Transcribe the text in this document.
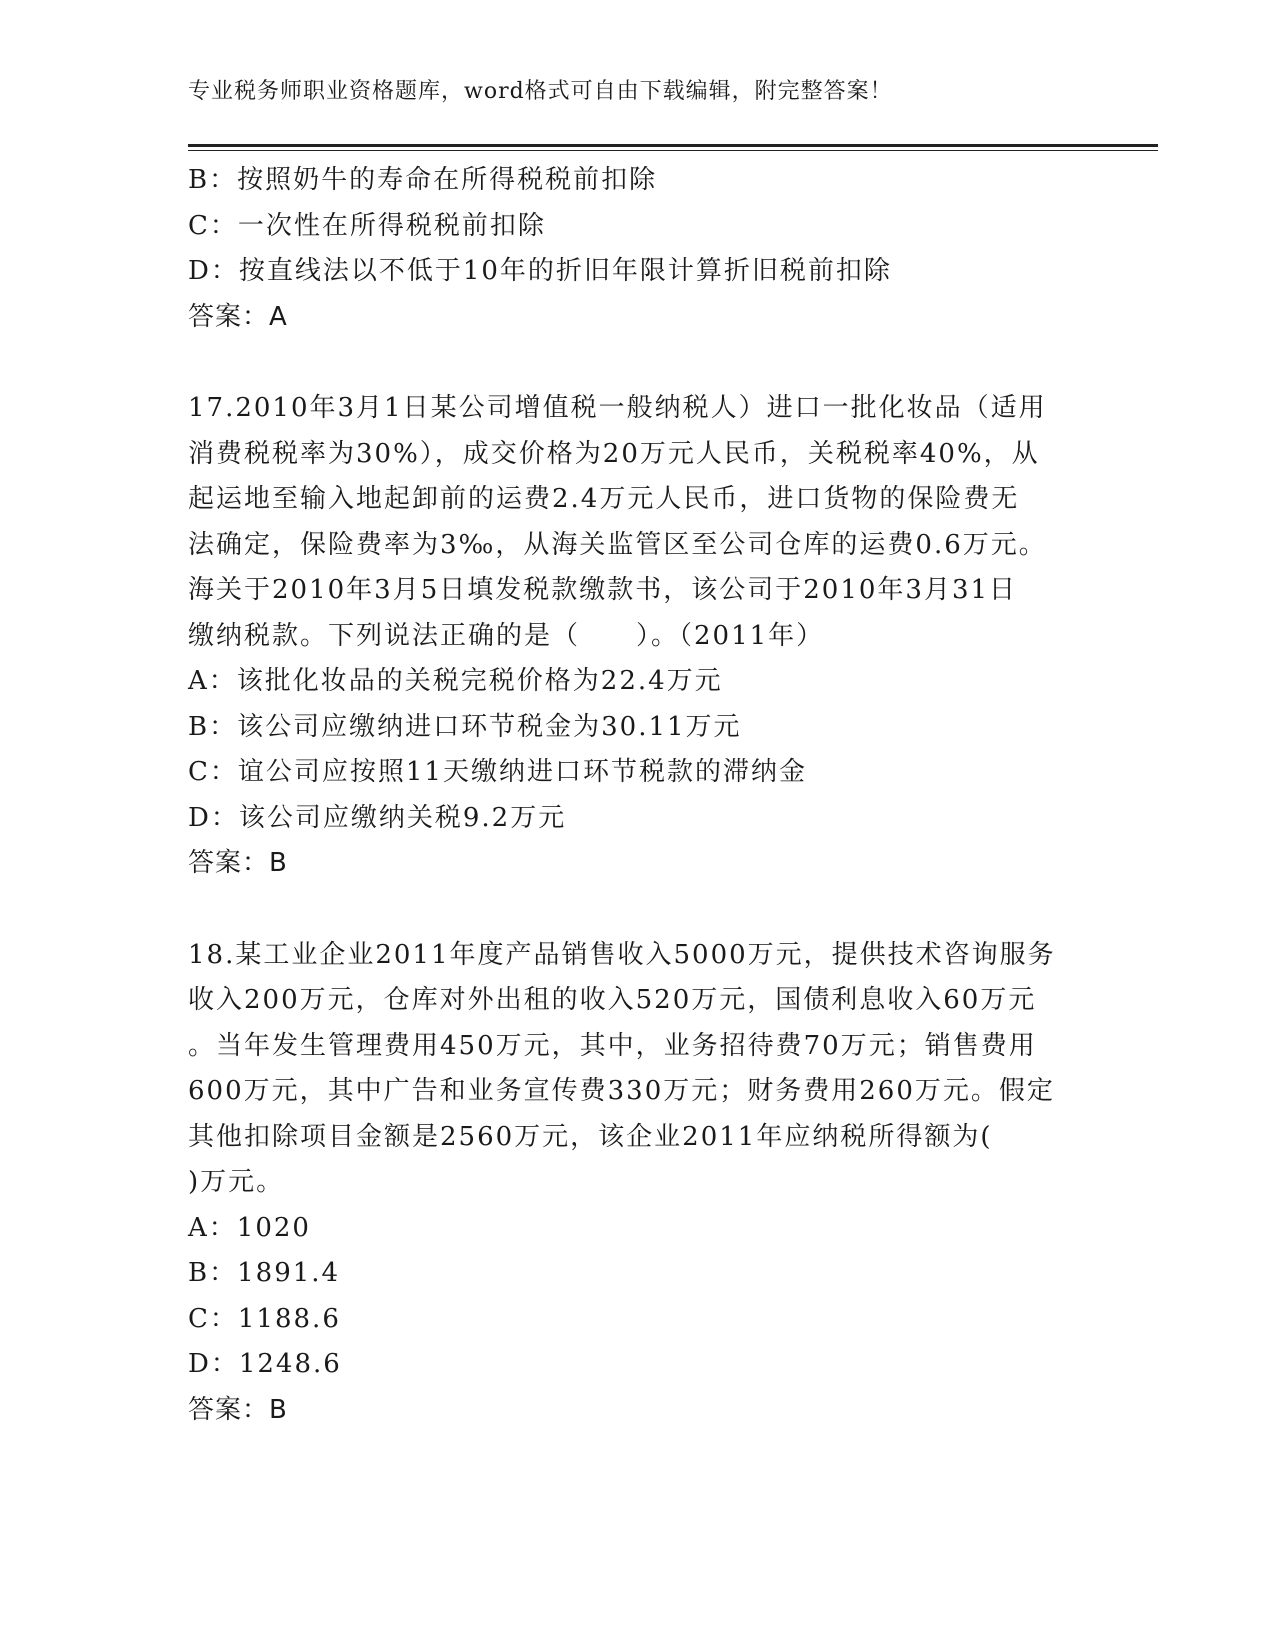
专业税务师职业资格题库，word格式可自由下载编辑，附完整答案！
B：按照奶牛的寿命在所得税税前扣除
C：一次性在所得税税前扣除
D：按直线法以不低于10年的折旧年限计算折旧税前扣除
答案：A
17.2010年3月1日某公司增值税一般纳税人）进口一批化妆品（适用
消费税税率为30%），成交价格为20万元人民币，关税税率40%，从
起运地至输入地起卸前的运费2.4万元人民币，进口货物的保险费无
法确定，保险费率为3‰，从海关监管区至公司仓库的运费0.6万元。
海关于2010年3月5日填发税款缴款书，该公司于2010年3月31日
缴纳税款。下列说法正确的是（　　）。（2011年）
A：该批化妆品的关税完税价格为22.4万元
B：该公司应缴纳进口环节税金为30.11万元
C：谊公司应按照11天缴纳进口环节税款的滞纳金
D：该公司应缴纳关税9.2万元
答案：B
18.某工业企业2011年度产品销售收入5000万元，提供技术咨询服务
收入200万元，仓库对外出租的收入520万元，国债利息收入60万元
。当年发生管理费用450万元，其中，业务招待费70万元；销售费用
600万元，其中广告和业务宣传费330万元；财务费用260万元。假定
其他扣除项目金额是2560万元，该企业2011年应纳税所得额为(
)万元。
A：1020
B：1891.4
C：1188.6
D：1248.6
答案：B
